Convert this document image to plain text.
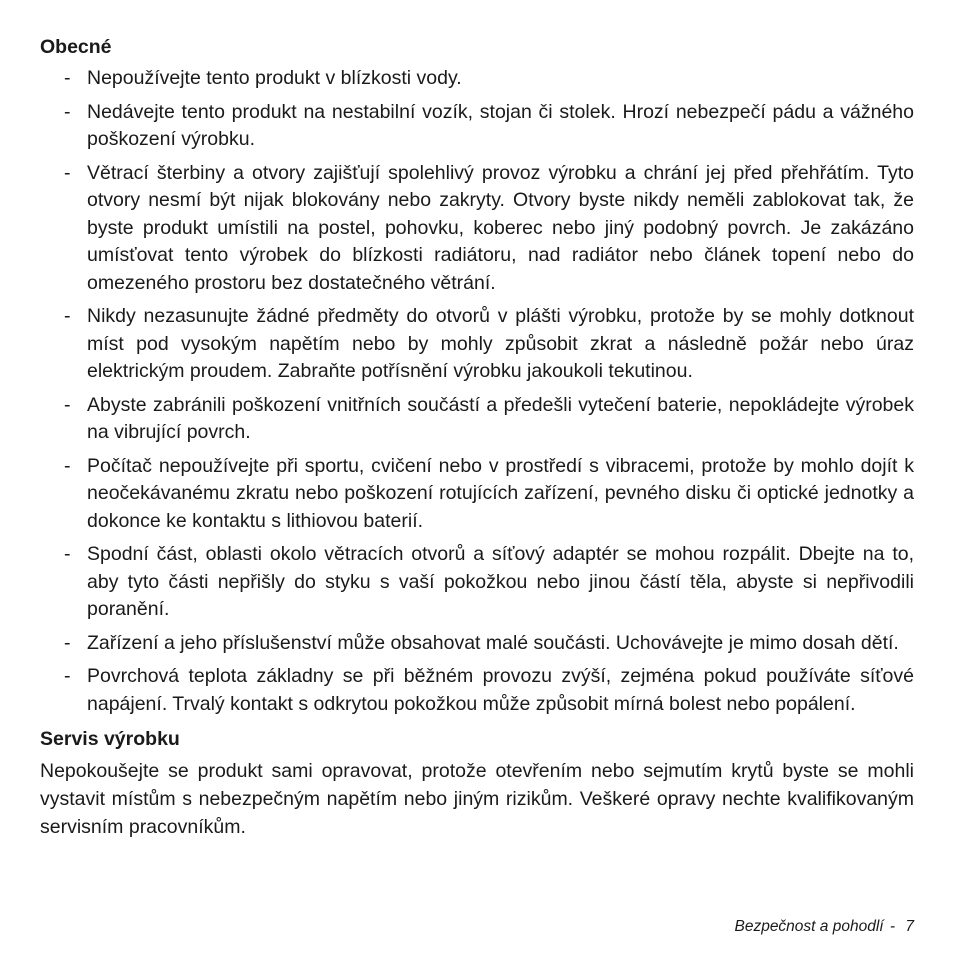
Obecné
- Nepoužívejte tento produkt v blízkosti vody.
- Nedávejte tento produkt na nestabilní vozík, stojan či stolek. Hrozí nebezpečí pádu a vážného poškození výrobku.
- Větrací šterbiny a otvory zajišťují spolehlivý provoz výrobku a chrání jej před přehřátím. Tyto otvory nesmí být nijak blokovány nebo zakryty. Otvory byste nikdy neměli zablokovat tak, že byste produkt umístili na postel, pohovku, koberec nebo jiný podobný povrch. Je zakázáno umísťovat tento výrobek do blízkosti radiátoru, nad radiátor nebo článek topení nebo do omezeného prostoru bez dostatečného větrání.
- Nikdy nezasunujte žádné předměty do otvorů v plášti výrobku, protože by se mohly dotknout míst pod vysokým napětím nebo by mohly způsobit zkrat a následně požár nebo úraz elektrickým proudem. Zabraňte potřísnění výrobku jakoukoli tekutinou.
- Abyste zabránili poškození vnitřních součástí a předešli vytečení baterie, nepokládejte výrobek na vibrující povrch.
- Počítač nepoužívejte při sportu, cvičení nebo v prostředí s vibracemi, protože by mohlo dojít k neočekávanému zkratu nebo poškození rotujících zařízení, pevného disku či optické jednotky a dokonce ke kontaktu s lithiovou baterií.
- Spodní část, oblasti okolo větracích otvorů a síťový adaptér se mohou rozpálit. Dbejte na to, aby tyto části nepřišly do styku s vaší pokožkou nebo jinou částí těla, abyste si nepřivodili poranění.
- Zařízení a jeho příslušenství může obsahovat malé součásti. Uchovávejte je mimo dosah dětí.
- Povrchová teplota základny se při běžném provozu zvýší, zejména pokud používáte síťové napájení. Trvalý kontakt s odkrytou pokožkou může způsobit mírná bolest nebo popálení.
Servis výrobku

Nepokoušejte se produkt sami opravovat, protože otevřením nebo sejmutím krytů byste se mohli vystavit místům s nebezpečným napětím nebo jiným rizikům. Veškeré opravy nechte kvalifikovaným servisním pracovníkům.

Bezpečnost a pohodlí - 7
